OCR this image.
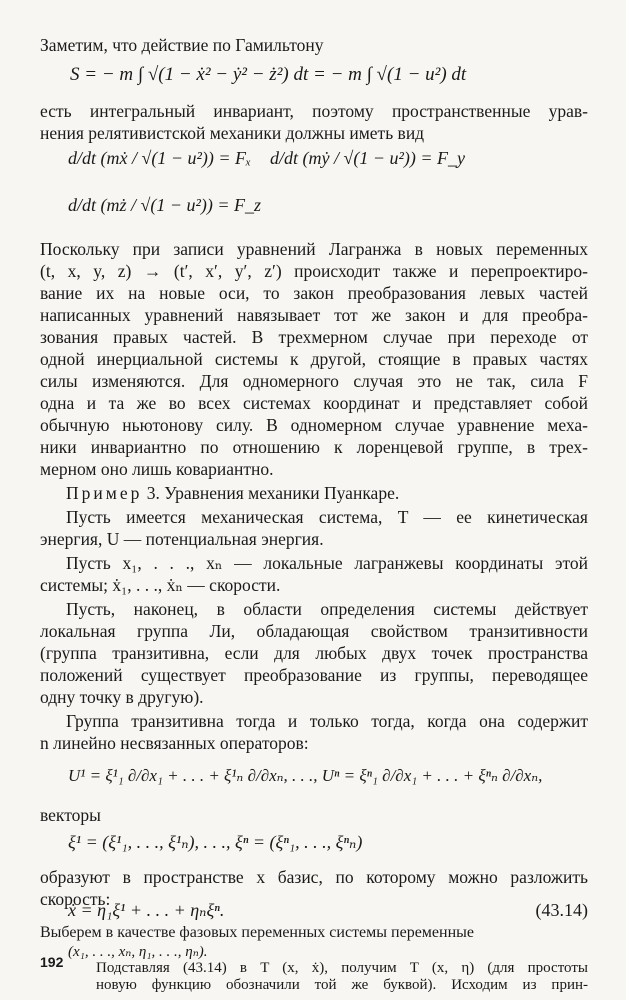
Заметим, что действие по Гамильтону
S = − m ∫ √(1 − ẋ² − ẏ² − ż²) dt = − m ∫ √(1 − u²) dt
есть интегральный инвариант, поэтому пространственные урав-
нения релятивистской механики должны иметь вид
d/dt (mẋ / √(1 − u²)) = Fₓ d/dt (mẏ / √(1 − u²)) = F_y
d/dt (mż / √(1 − u²)) = F_z
Поскольку при записи уравнений Лагранжа в новых переменных
(t, x, y, z) → (t′, x′, y′, z′) происходит также и перепроектиро-
вание их на новые оси, то закон преобразования левых частей
написанных уравнений навязывает тот же закон и для преобра-
зования правых частей. В трехмерном случае при переходе от
одной инерциальной системы к другой, стоящие в правых частях
силы изменяются. Для одномерного случая это не так, сила F
одна и та же во всех системах координат и представляет собой
обычную ньютонову силу. В одномерном случае уравнение меха-
ники инвариантно по отношению к лоренцевой группе, в трех-
мерном оно лишь ковариантно.
Пример 3. Уравнения механики Пуанкаре.
Пусть имеется механическая система, T — ее кинетическая
энергия, U — потенциальная энергия.
Пусть x₁, . . ., xₙ — локальные лагранжевы координаты этой
системы; ẋ₁, . . ., ẋₙ — скорости.
Пусть, наконец, в области определения системы действует
локальная группа Ли, обладающая свойством транзитивности
(группа транзитивна, если для любых двух точек пространства
положений существует преобразование из группы, переводящее
одну точку в другую).
Группа транзитивна тогда и только тогда, когда она содержит
n линейно несвязанных операторов:
U¹ = ξ¹₁ ∂/∂x₁ + . . . + ξ¹ₙ ∂/∂xₙ, . . ., Uⁿ = ξⁿ₁ ∂/∂x₁ + . . . + ξⁿₙ ∂/∂xₙ,
векторы
ξ¹ = (ξ¹₁, . . ., ξ¹ₙ), . . ., ξⁿ = (ξⁿ₁, . . ., ξⁿₙ)
образуют в пространстве x базис, по которому можно разложить
скорость:
ẋ = η₁ξ¹ + . . . + ηₙξⁿ.	(43.14)
192
Выберем в качестве фазовых переменных системы переменные
(x₁, . . ., xₙ, η₁, . . ., ηₙ).
Подставляя (43.14) в T (x, ẋ), получим T (x, η) (для простоты
новую функцию обозначили той же буквой). Исходим из прин-
